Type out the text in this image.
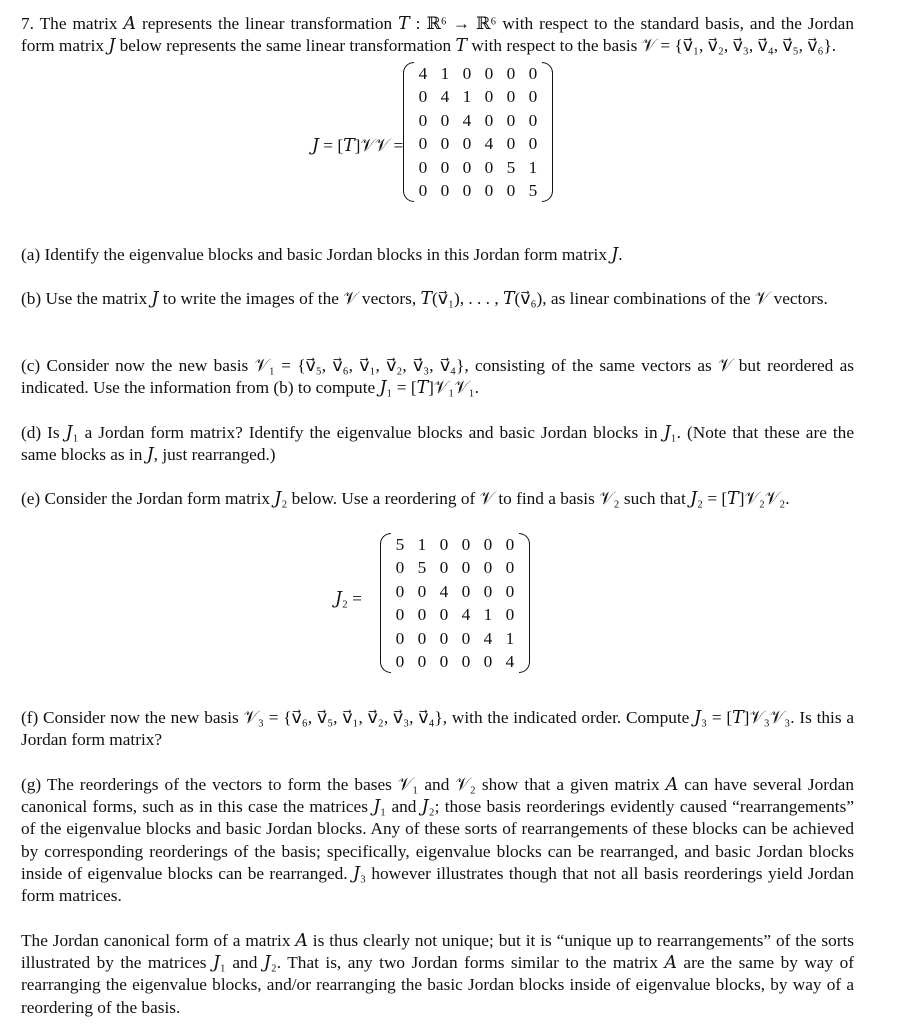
7. The matrix 𝐴 represents the linear transformation 𝑇 : ℝ⁶ → ℝ⁶ with respect to the standard basis, and the Jordan form matrix 𝐽 below represents the same linear transformation 𝑇 with respect to the basis 𝒱 = {v⃗₁, v⃗₂, v⃗₃, v⃗₄, v⃗₅, v⃗₆}.

𝐽 = [𝑇]𝒱𝒱 =
4 1 0 0 0 0
0 4 1 0 0 0
0 0 4 0 0 0
0 0 0 4 0 0
0 0 0 0 5 1
0 0 0 0 0 5

(a) Identify the eigenvalue blocks and basic Jordan blocks in this Jordan form matrix 𝐽.

(b) Use the matrix 𝐽 to write the images of the 𝒱 vectors, 𝑇(v⃗₁), . . . , 𝑇(v⃗₆), as linear combinations of the 𝒱 vectors.

(c) Consider now the new basis 𝒱₁ = {v⃗₅, v⃗₆, v⃗₁, v⃗₂, v⃗₃, v⃗₄}, consisting of the same vectors as 𝒱 but reordered as indicated. Use the information from (b) to compute 𝐽₁ = [𝑇]𝒱₁𝒱₁.

(d) Is 𝐽₁ a Jordan form matrix? Identify the eigenvalue blocks and basic Jordan blocks in 𝐽₁. (Note that these are the same blocks as in 𝐽, just rearranged.)

(e) Consider the Jordan form matrix 𝐽₂ below. Use a reordering of 𝒱 to find a basis 𝒱₂ such that 𝐽₂ = [𝑇]𝒱₂𝒱₂.

𝐽₂ =
5 1 0 0 0 0
0 5 0 0 0 0
0 0 4 0 0 0
0 0 0 4 1 0
0 0 0 0 4 1
0 0 0 0 0 4

(f) Consider now the new basis 𝒱₃ = {v⃗₆, v⃗₅, v⃗₁, v⃗₂, v⃗₃, v⃗₄}, with the indicated order. Compute 𝐽₃ = [𝑇]𝒱₃𝒱₃. Is this a Jordan form matrix?

(g) The reorderings of the vectors to form the bases 𝒱₁ and 𝒱₂ show that a given matrix 𝐴 can have several Jordan canonical forms, such as in this case the matrices 𝐽₁ and 𝐽₂; those basis reorderings evidently caused “rearrangements” of the eigenvalue blocks and basic Jordan blocks. Any of these sorts of rearrangements of these blocks can be achieved by corresponding reorderings of the basis; specifically, eigenvalue blocks can be rearranged, and basic Jordan blocks inside of eigenvalue blocks can be rearranged. 𝐽₃ however illustrates though that not all basis reorderings yield Jordan form matrices.

The Jordan canonical form of a matrix 𝐴 is thus clearly not unique; but it is “unique up to rearrangements” of the sorts illustrated by the matrices 𝐽₁ and 𝐽₂. That is, any two Jordan forms similar to the matrix 𝐴 are the same by way of rearranging the eigenvalue blocks, and/or rearranging the basic Jordan blocks inside of eigenvalue blocks, by way of a reordering of the basis.
